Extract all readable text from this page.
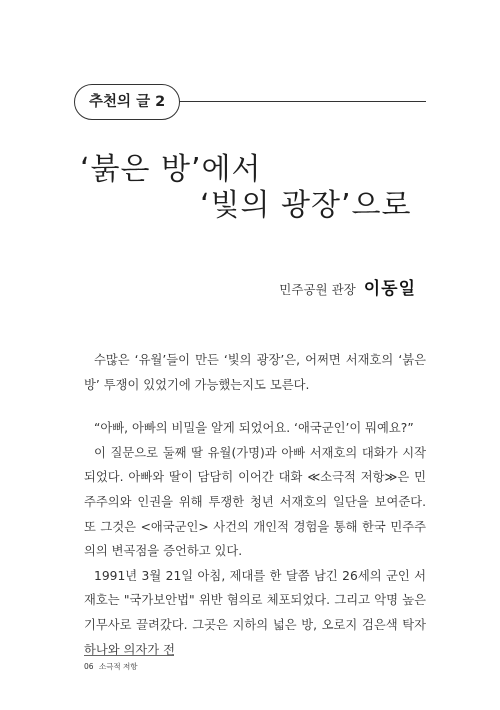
추천의 글 2
‘붉은 방’에서
‘빛의 광장’으로
민주공원 관장 이동일

수많은 ‘유월’들이 만든 ‘빛의 광장’은, 어쩌면 서재호의 ‘붉은 방’ 투쟁이 있었기에 가능했는지도 모른다.

“아빠, 아빠의 비밀을 알게 되었어요. ‘애국군인’이 뭐예요?”

이 질문으로 둘째 딸 유월(가명)과 아빠 서재호의 대화가 시작되었다. 아빠와 딸이 담담히 이어간 대화 ≪소극적 저항≫은 민주주의와 인권을 위해 투쟁한 청년 서재호의 일단을 보여준다. 또 그것은 <애국군인> 사건의 개인적 경험을 통해 한국 민주주의의 변곡점을 증언하고 있다.

1991년 3월 21일 아침, 제대를 한 달쯤 남긴 26세의 군인 서재호는 "국가보안법" 위반 혐의로 체포되었다. 그리고 악명 높은 기무사로 끌려갔다. 그곳은 지하의 넓은 방, 오로지 검은색 탁자 하나와 의자가 전

06 소극적 저항
